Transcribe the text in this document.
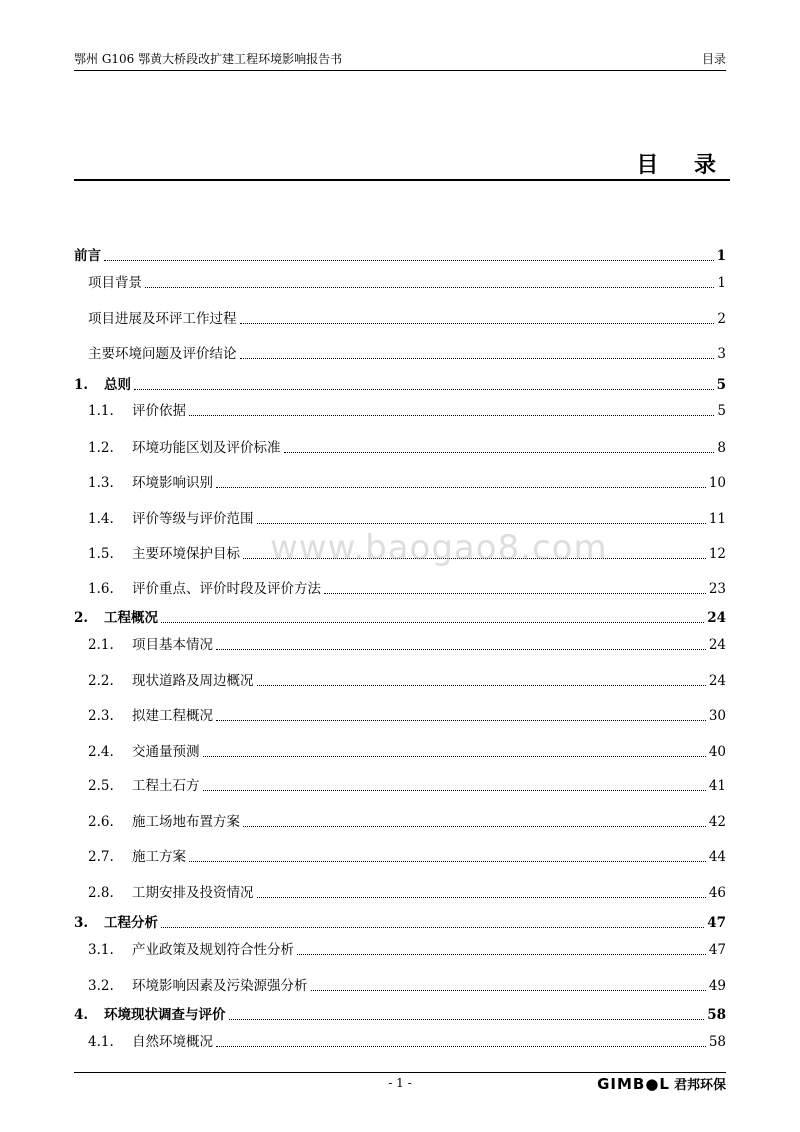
鄂州 G106 鄂黄大桥段改扩建工程环境影响报告书	目录
目 录
前言	1
项目背景	1
项目进展及环评工作过程	2
主要环境问题及评价结论	3
1.	总则	5
1.1.	评价依据	5
1.2.	环境功能区划及评价标准	8
1.3.	环境影响识别	10
1.4.	评价等级与评价范围	11
1.5.	主要环境保护目标	12
1.6.	评价重点、评价时段及评价方法	23
2.	工程概况	24
2.1.	项目基本情况	24
2.2.	现状道路及周边概况	24
2.3.	拟建工程概况	30
2.4.	交通量预测	40
2.5.	工程土石方	41
2.6.	施工场地布置方案	42
2.7.	施工方案	44
2.8.	工期安排及投资情况	46
3.	工程分析	47
3.1.	产业政策及规划符合性分析	47
3.2.	环境影响因素及污染源强分析	49
4.	环境现状调查与评价	58
4.1.	自然环境概况	58
www.baogao8.com
- 1 -	GIMB●L 君邦环保
